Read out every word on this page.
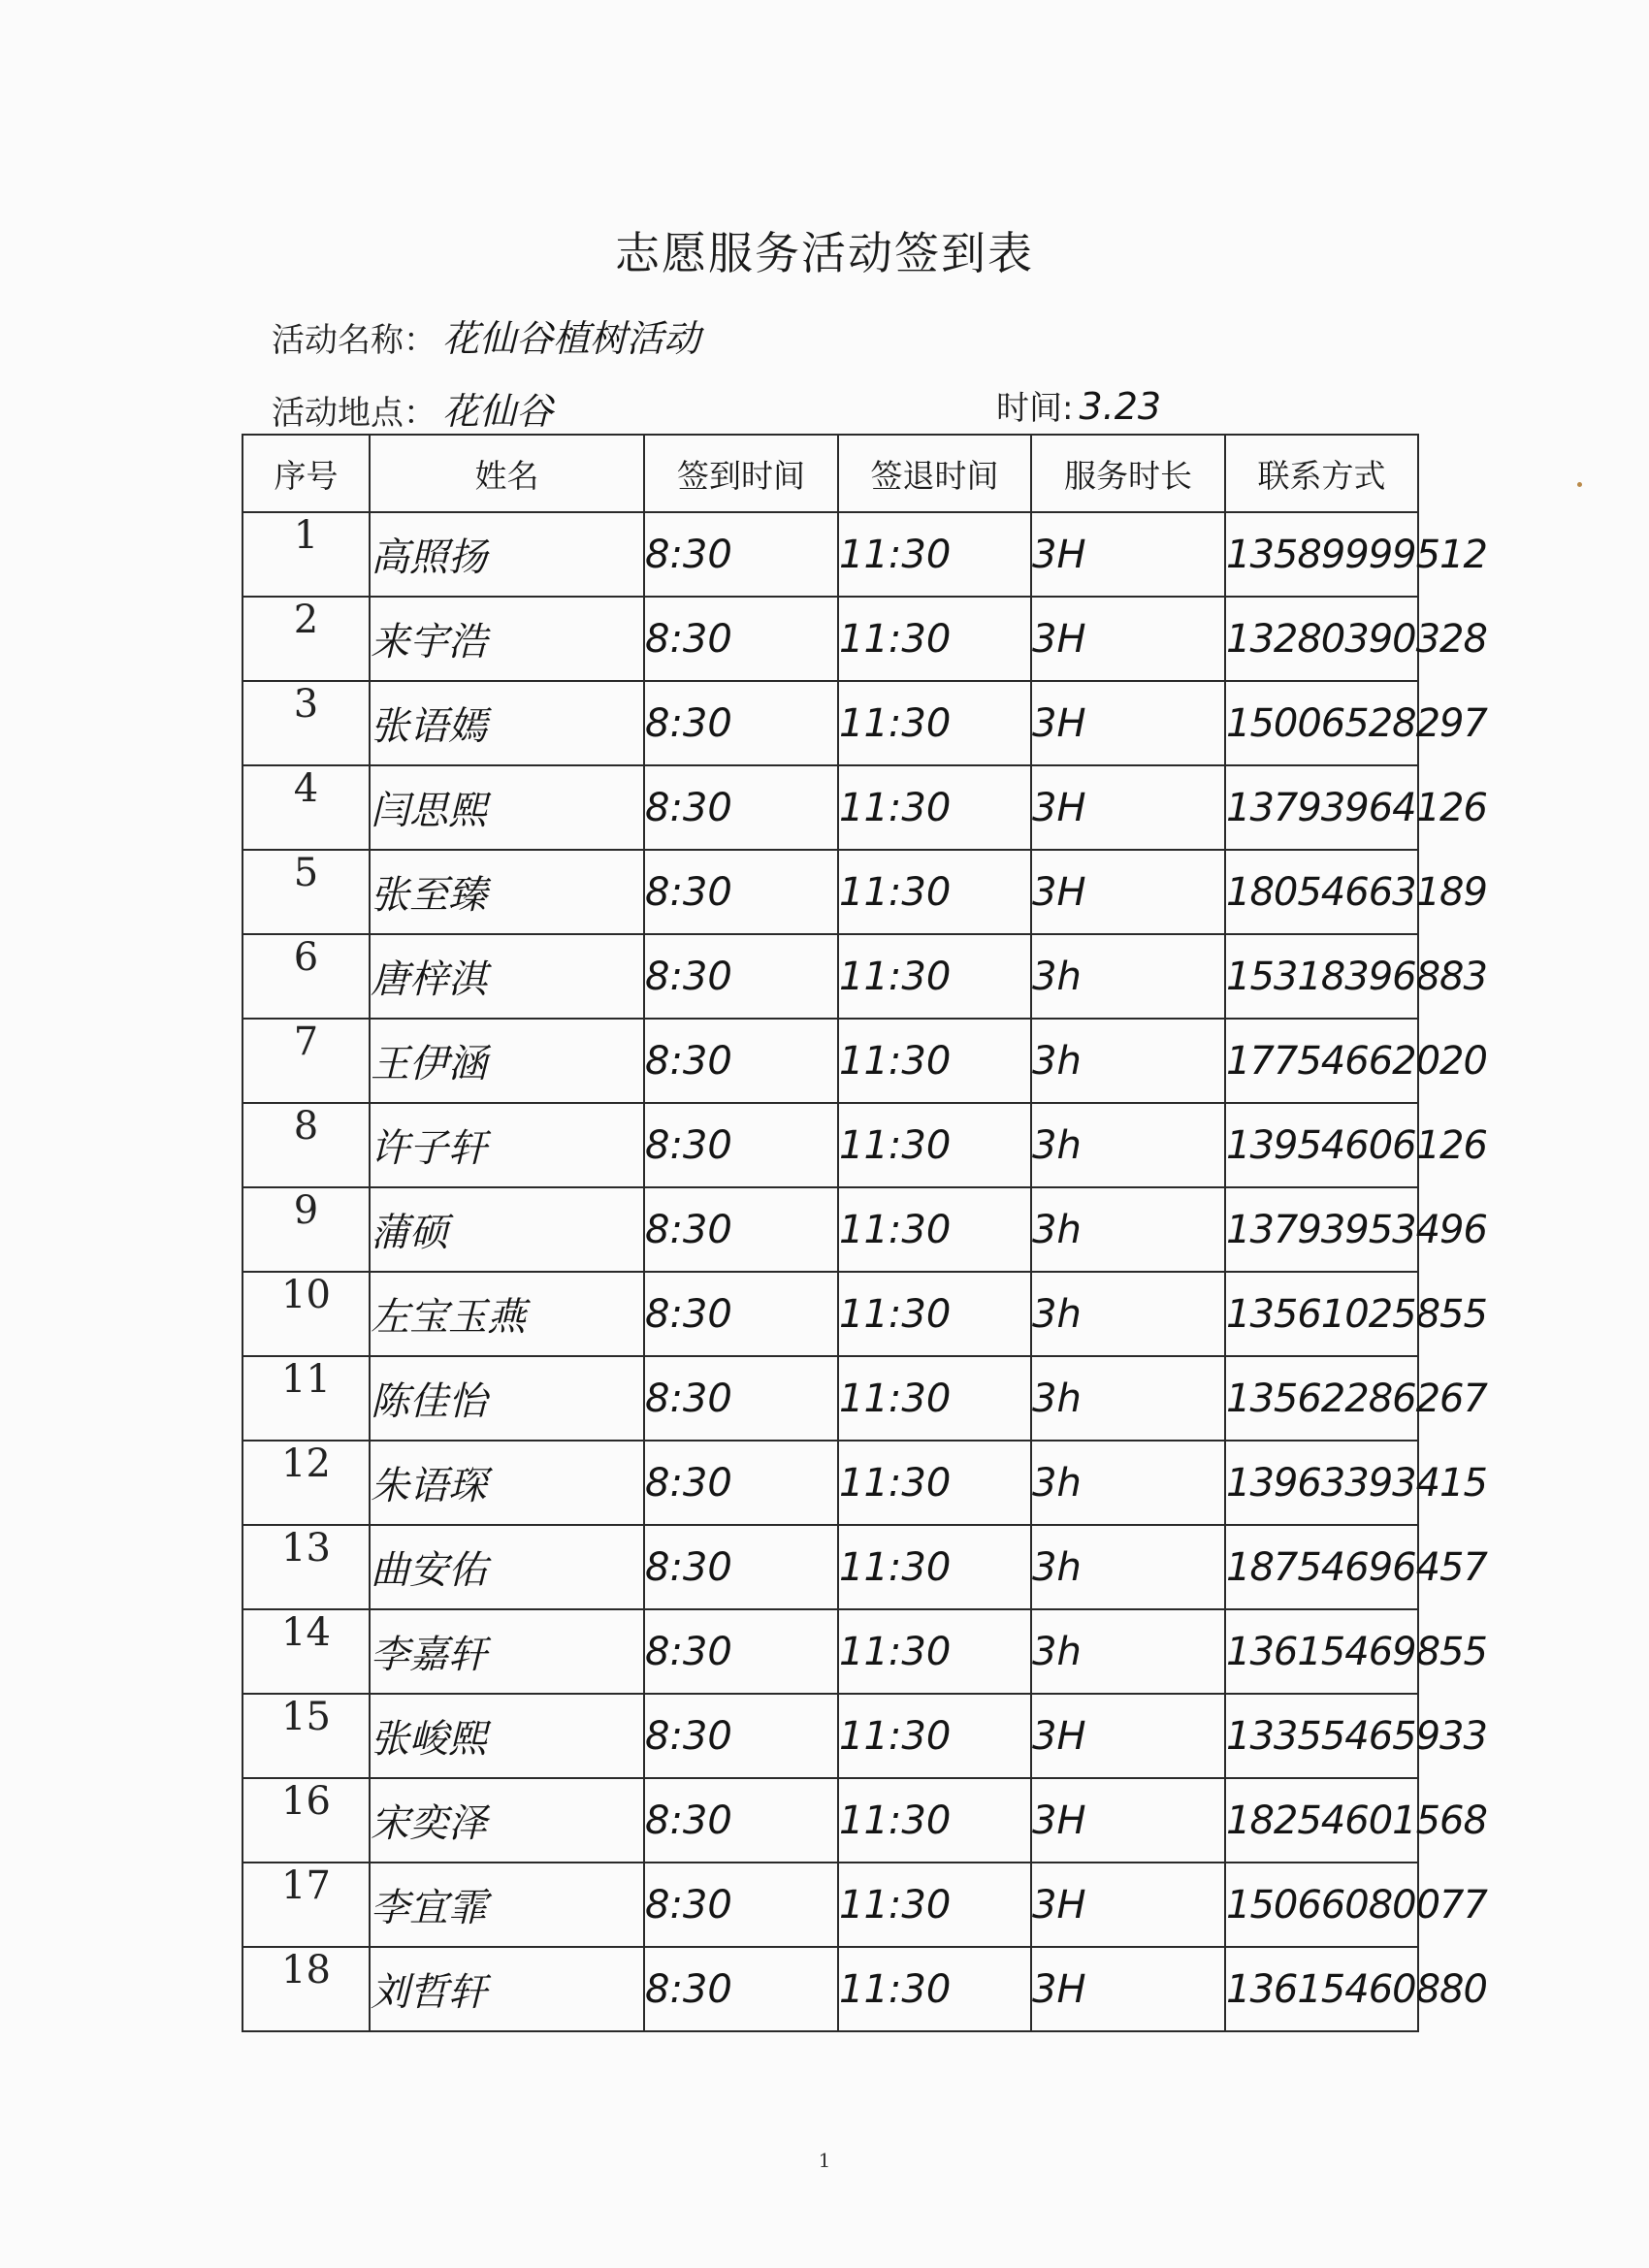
志愿服务活动签到表
活动名称： 花仙谷植树活动
活动地点： 花仙谷	时间: 3.23
序号	姓名	签到时间	签退时间	服务时长	联系方式
1	高照扬	8:30	11:30	3H	13589999512
2	来宇浩	8:30	11:30	3H	13280390328
3	张语嫣	8:30	11:30	3H	15006528297
4	闫思熙	8:30	11:30	3H	13793964126
5	张至臻	8:30	11:30	3H	18054663189
6	唐梓淇	8:30	11:30	3h	15318396883
7	王伊涵	8:30	11:30	3h	17754662020
8	许子轩	8:30	11:30	3h	13954606126
9	蒲硕	8:30	11:30	3h	13793953496
10	左宝玉燕	8:30	11:30	3h	13561025855
11	陈佳怡	8:30	11:30	3h	13562286267
12	朱语琛	8:30	11:30	3h	13963393415
13	曲安佑	8:30	11:30	3h	18754696457
14	李嘉轩	8:30	11:30	3h	13615469855
15	张峻熙	8:30	11:30	3H	13355465933
16	宋奕泽	8:30	11:30	3H	18254601568
17	李宜霏	8:30	11:30	3H	15066080077
18	刘哲轩	8:30	11:30	3H	13615460880
1
